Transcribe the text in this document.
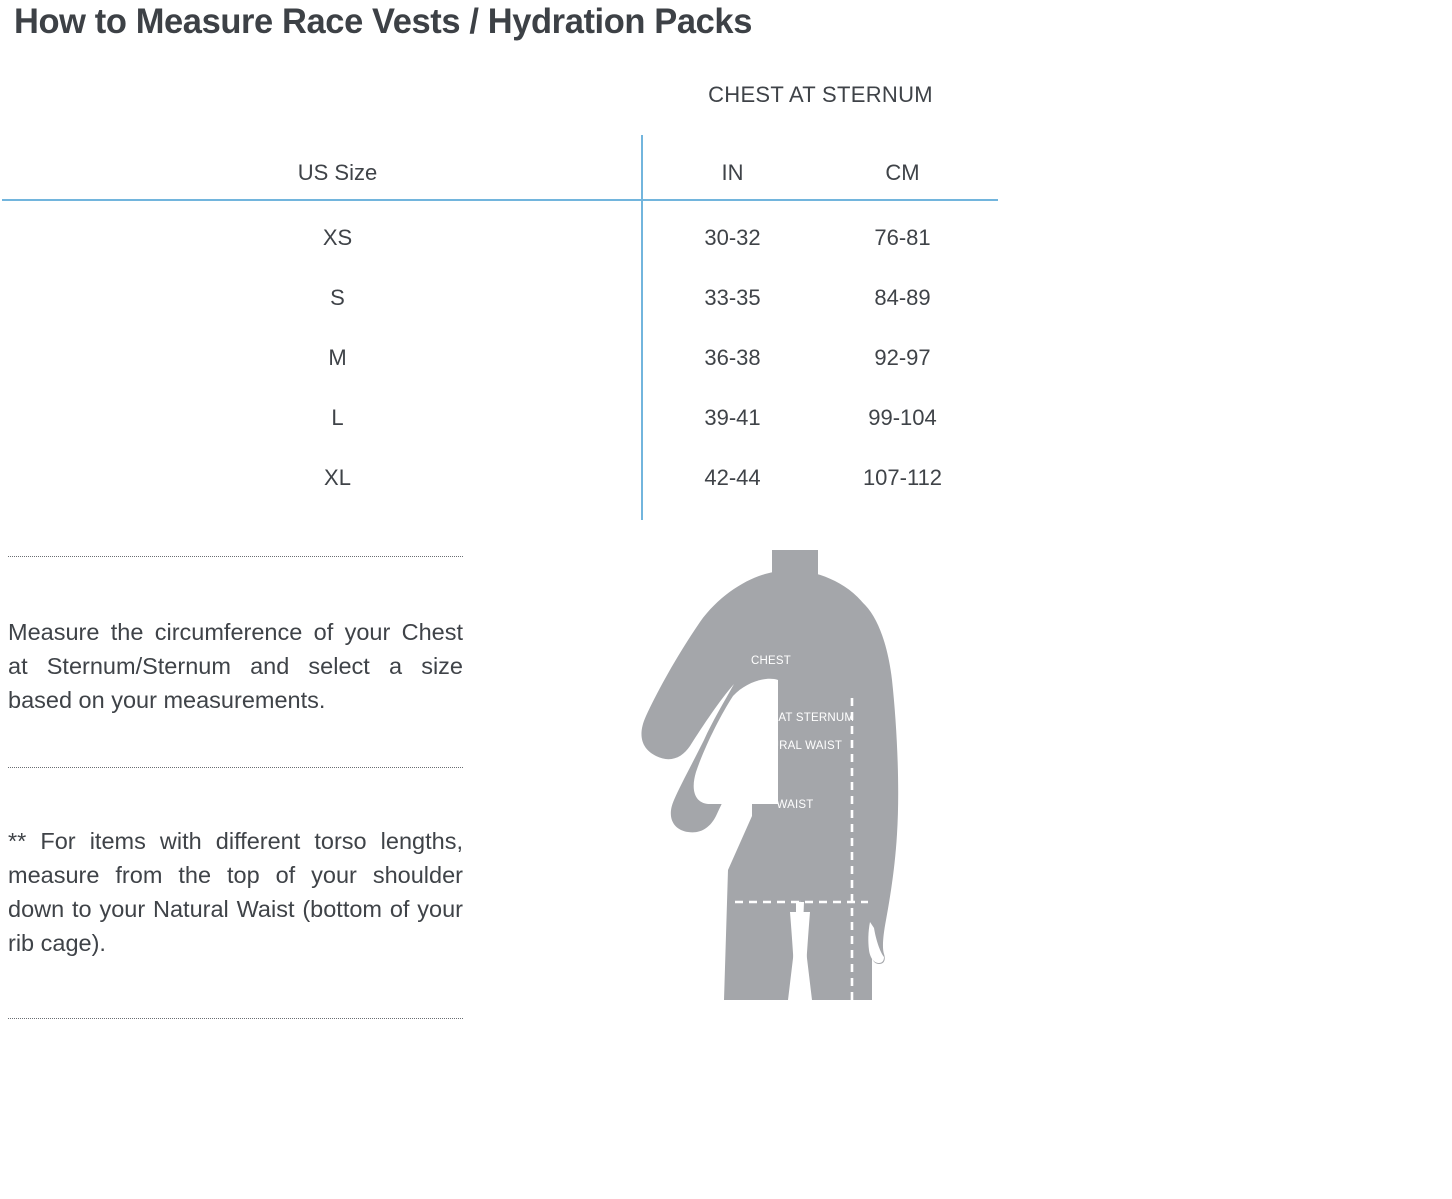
How to Measure Race Vests / Hydration Packs
CHEST AT STERNUM
US Size	IN	CM
XS	30-32	76-81
S	33-35	84-89
M	36-38	92-97
L	39-41	99-104
XL	42-44	107-112
Measure the circumference of your Chest at Sternum/Sternum and select a size based on your measurements.
** For items with different torso lengths, measure from the top of your shoulder down to your Natural Waist (bottom of your rib cage).
TORSO
CHEST
CHEST AT STERNUM
NATURAL WAIST
WAIST
